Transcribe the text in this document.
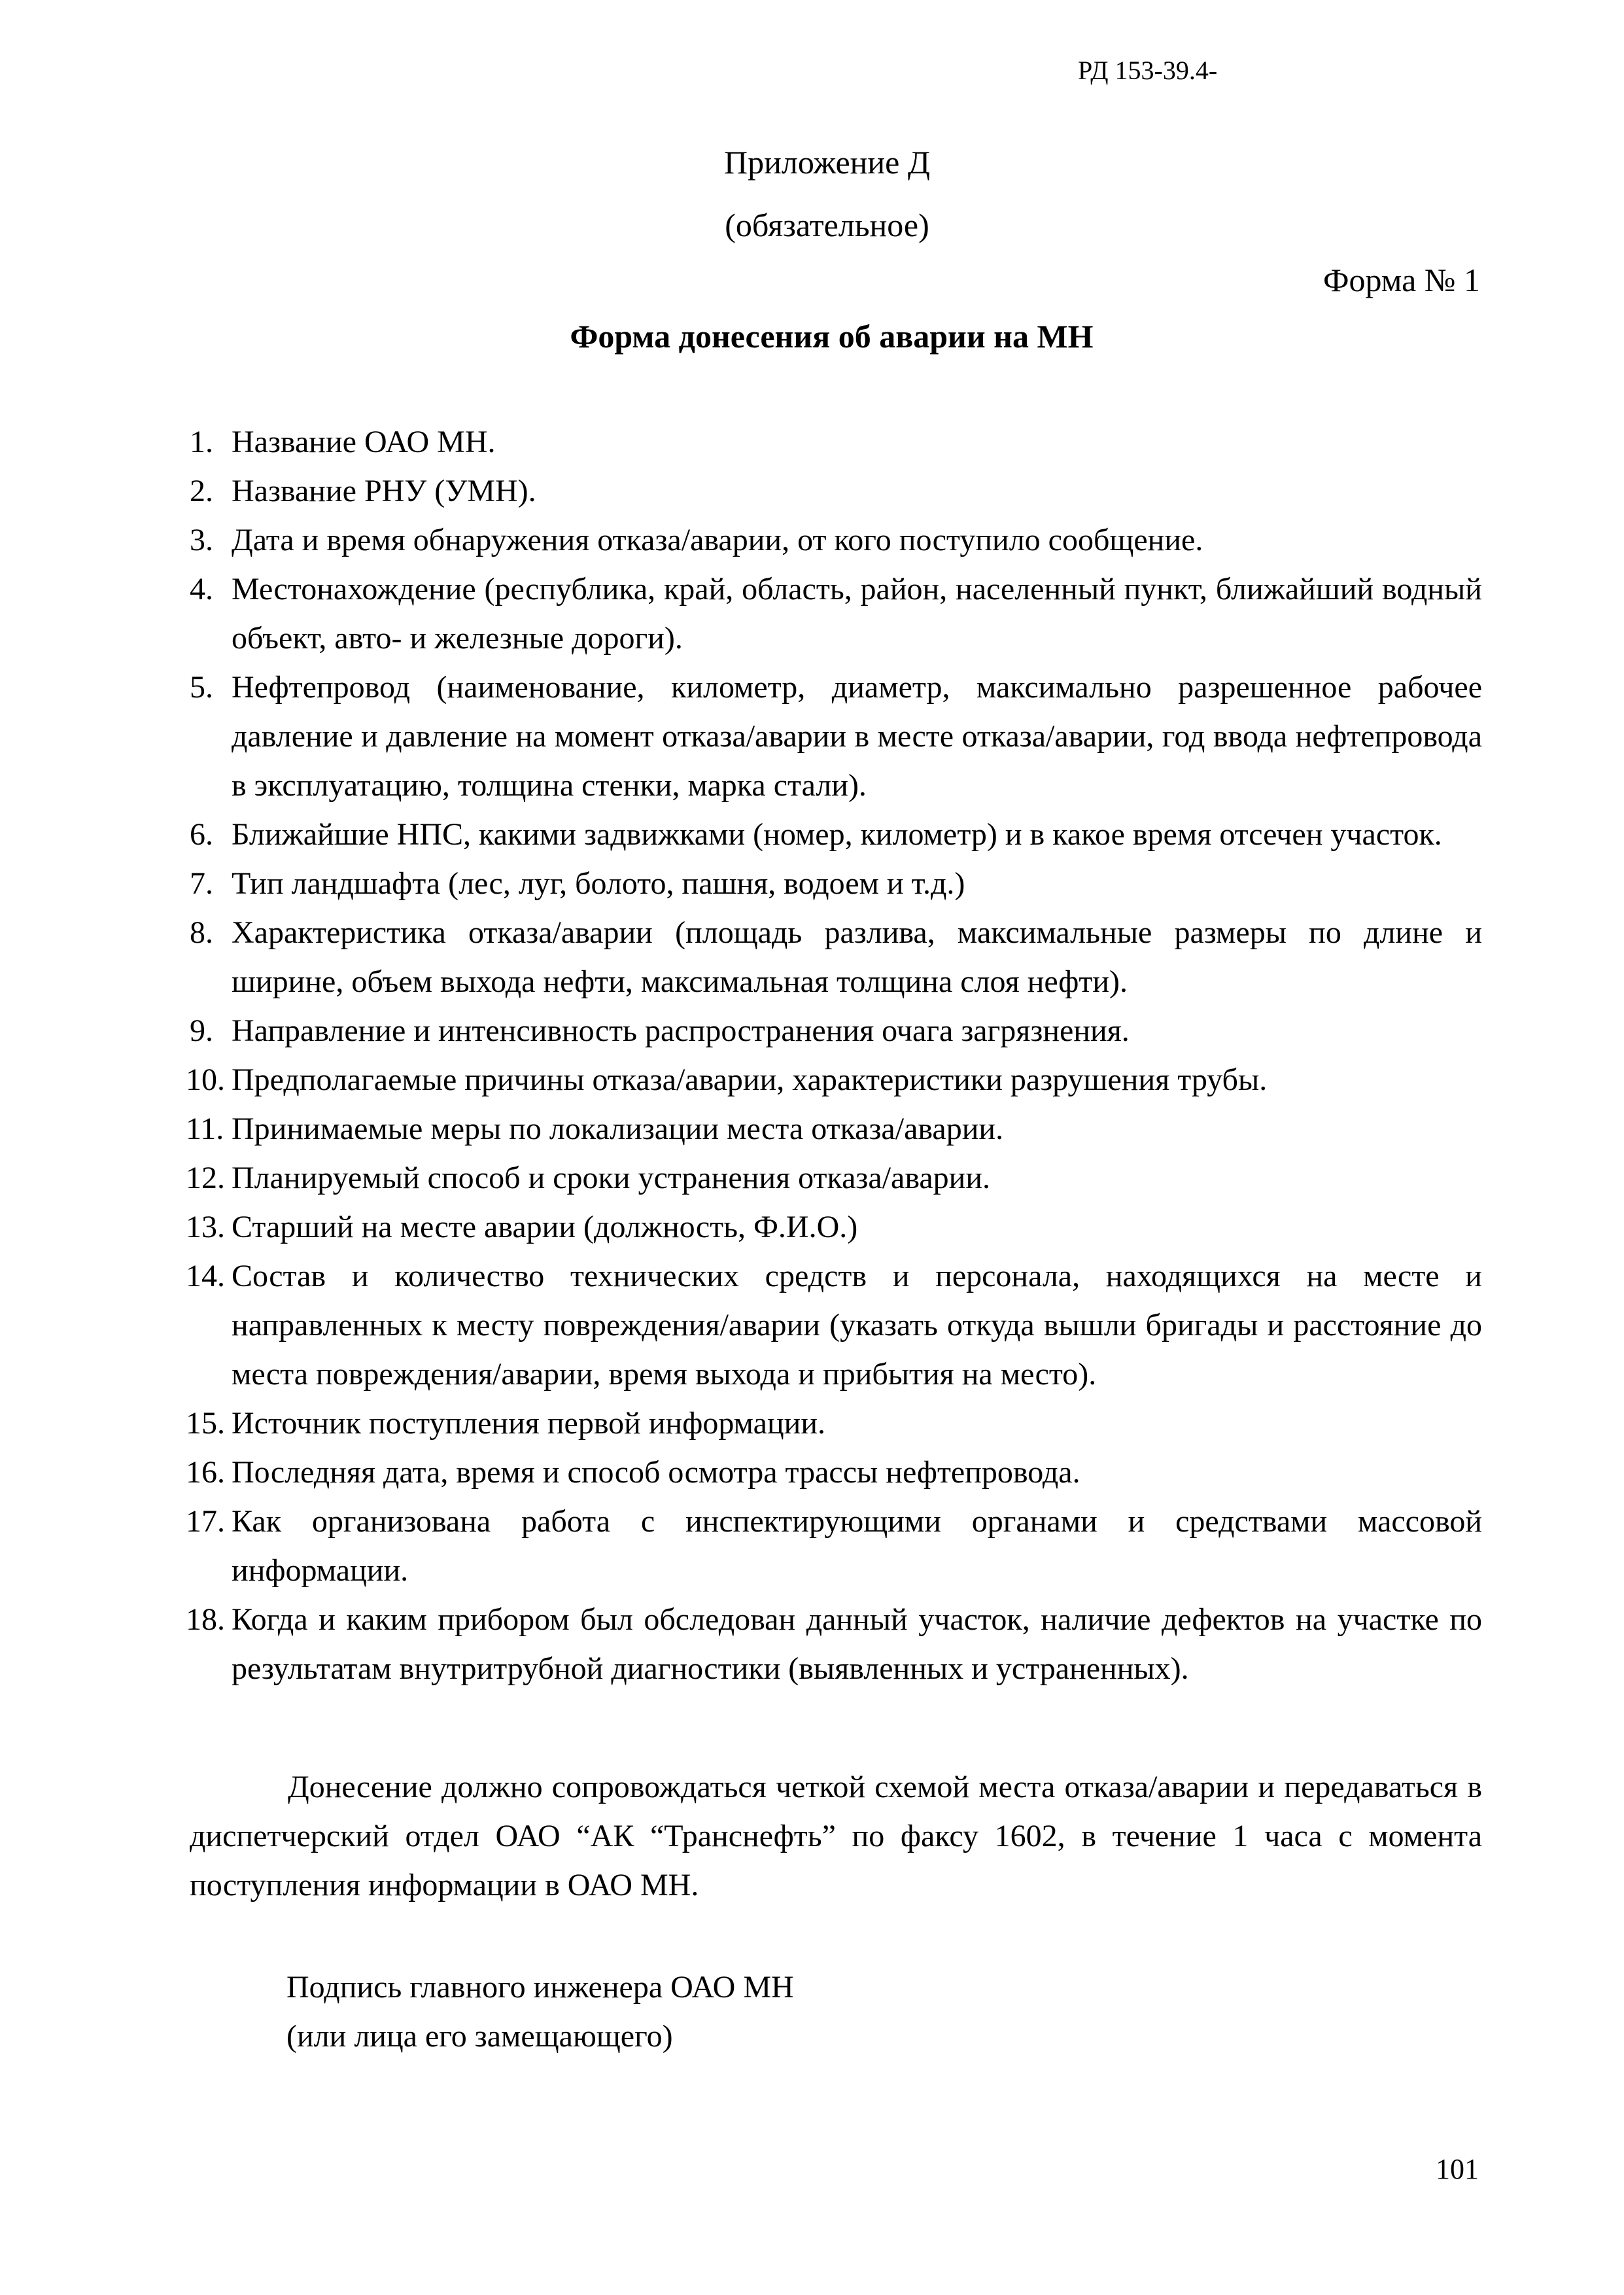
РД 153-39.4-
Приложение Д
(обязательное)
Форма № 1
Форма донесения об аварии на МН
1. Название ОАО МН.
2. Название РНУ (УМН).
3. Дата и время обнаружения отказа/аварии, от кого поступило сообщение.
4. Местонахождение (республика, край, область, район, населенный пункт, ближайший водный объект, авто- и железные дороги).
5. Нефтепровод (наименование, километр, диаметр, максимально разрешенное рабочее давление и давление на момент отказа/аварии в месте отказа/аварии, год ввода нефтепровода в эксплуатацию, толщина стенки, марка стали).
6. Ближайшие НПС, какими задвижками (номер, километр) и в какое время отсечен участок.
7. Тип ландшафта (лес, луг, болото, пашня, водоем и т.д.)
8. Характеристика отказа/аварии (площадь разлива, максимальные размеры по длине и ширине, объем выхода нефти, максимальная толщина слоя нефти).
9. Направление и интенсивность распространения очага загрязнения.
10. Предполагаемые причины отказа/аварии, характеристики разрушения трубы.
11. Принимаемые меры по локализации места отказа/аварии.
12. Планируемый способ и сроки устранения отказа/аварии.
13. Старший на месте аварии (должность, Ф.И.О.)
14. Состав и количество технических средств и персонала, находящихся на месте и направленных к месту повреждения/аварии (указать откуда вышли бригады и расстояние до места повреждения/аварии, время выхода и прибытия на место).
15. Источник поступления первой информации.
16. Последняя дата, время и способ осмотра трассы нефтепровода.
17. Как организована работа с инспектирующими органами и средствами массовой информации.
18. Когда и каким прибором был обследован данный участок, наличие дефектов на участке по результатам внутритрубной диагностики (выявленных и устраненных).

Донесение должно сопровождаться четкой схемой места отказа/аварии и передаваться в диспетчерский отдел ОАО “АК “Транснефть” по факсу 1602, в течение 1 часа с момента поступления информации в ОАО МН.

Подпись главного инженера ОАО МН
(или лица его замещающего)
101
